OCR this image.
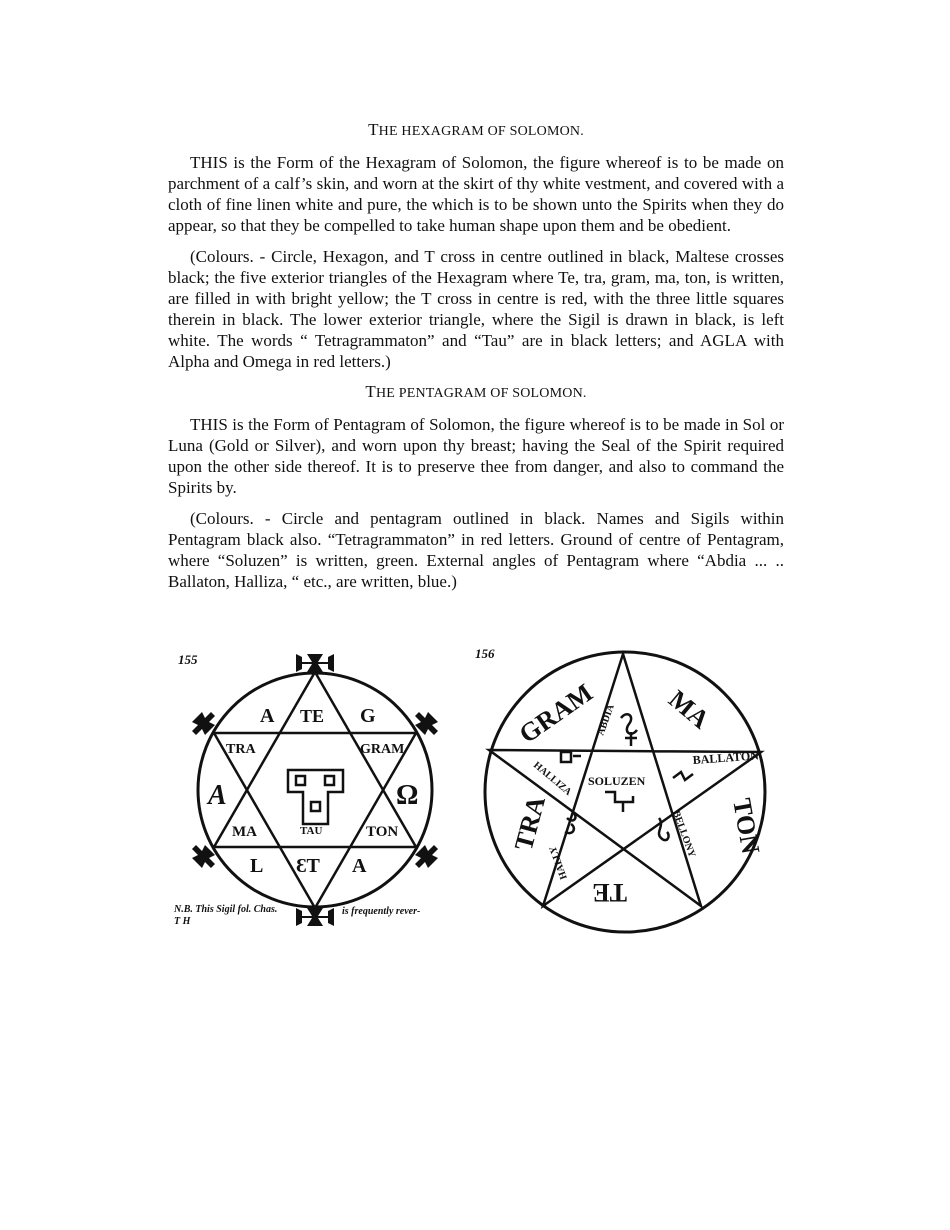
THE HEXAGRAM OF SOLOMON.

THIS is the Form of the Hexagram of Solomon, the figure whereof is to be made on parchment of a calf’s skin, and worn at the skirt of thy white vestment, and covered with a cloth of fine linen white and pure, the which is to be shown unto the Spirits when they do appear, so that they be compelled to take human shape upon them and be obedient.

(Colours. - Circle, Hexagon, and T cross in centre outlined in black, Maltese crosses black; the five exterior triangles of the Hexagram where Te, tra, gram, ma, ton, is written, are filled in with bright yellow; the T cross in centre is red, with the three little squares therein in black. The lower exterior triangle, where the Sigil is drawn in black, is left white. The words “ Tetragrammaton” and “Tau” are in black letters; and AGLA with Alpha and Omega in red letters.)

THE PENTAGRAM OF SOLOMON.

THIS is the Form of Pentagram of Solomon, the figure whereof is to be made in Sol or Luna (Gold or Silver), and worn upon thy breast; having the Seal of the Spirit required upon the other side thereof. It is to preserve thee from danger, and also to command the Spirits by.

(Colours. - Circle and pentagram outlined in black. Names and Sigils within Pentagram black also. “Tetragrammaton” in red letters. Ground of centre of Pentagram, where “Soluzen” is written, green. External angles of Pentagram where “Abdia ... .. Ballaton, Halliza, “ etc., are written, blue.)

155
A TE G
TRA	GRAM
A	Ω
MA	TAU	TON
L ƐT A
N.B. This Sigil fol. Chas. T H
is frequently rever-
156
GRAM	MA
TRA	TON
TE
ABDIA
BALLATON
SOLUZEN
HALLIZA
BELLONY
HALLY
